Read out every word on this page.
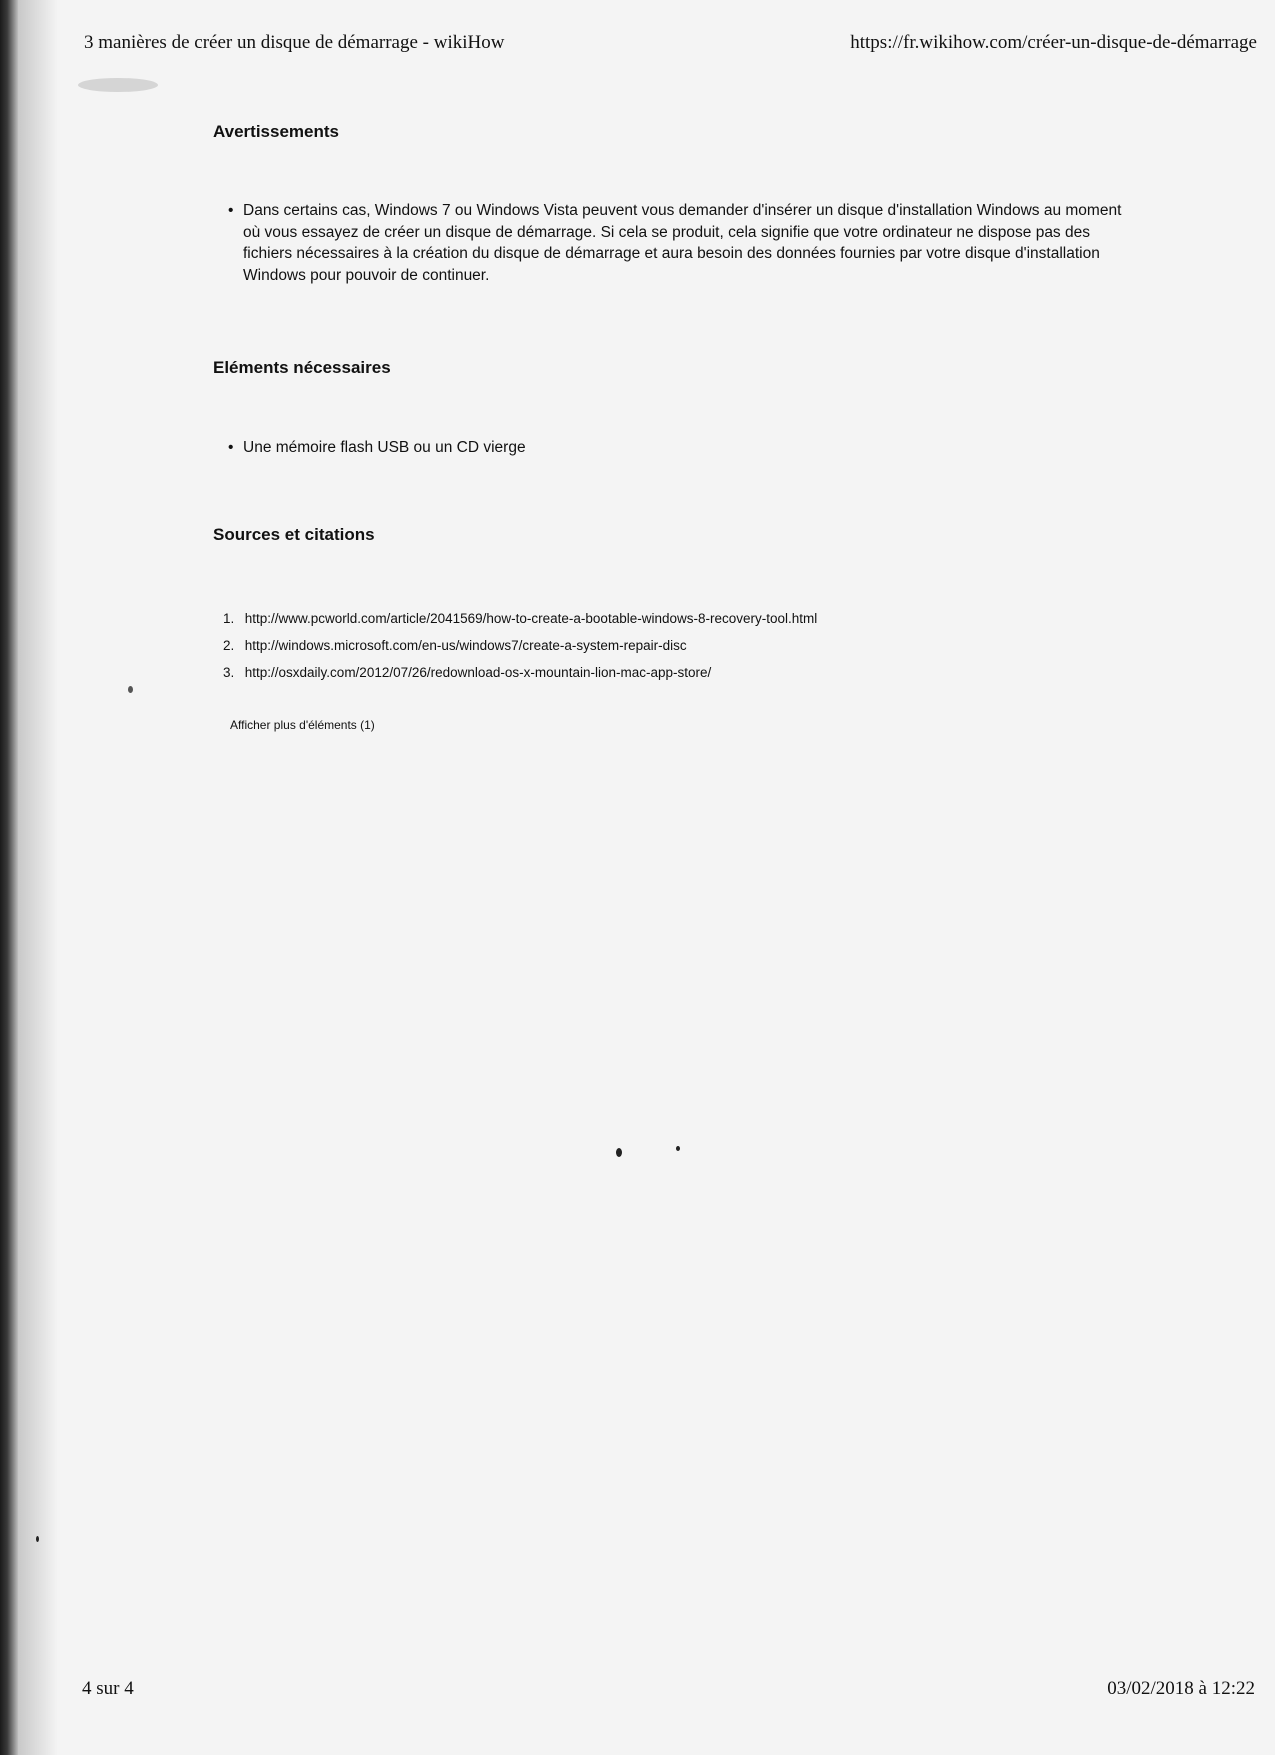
3 manières de créer un disque de démarrage - wikiHow	https://fr.wikihow.com/créer-un-disque-de-démarrage
Avertissements
• Dans certains cas, Windows 7 ou Windows Vista peuvent vous demander d'insérer un disque d'installation Windows au moment où vous essayez de créer un disque de démarrage. Si cela se produit, cela signifie que votre ordinateur ne dispose pas des fichiers nécessaires à la création du disque de démarrage et aura besoin des données fournies par votre disque d'installation Windows pour pouvoir de continuer.
Eléments nécessaires
• Une mémoire flash USB ou un CD vierge
Sources et citations
1. http://www.pcworld.com/article/2041569/how-to-create-a-bootable-windows-8-recovery-tool.html
2. http://windows.microsoft.com/en-us/windows7/create-a-system-repair-disc
3. http://osxdaily.com/2012/07/26/redownload-os-x-mountain-lion-mac-app-store/
Afficher plus d'éléments (1)
4 sur 4	03/02/2018 à 12:22
